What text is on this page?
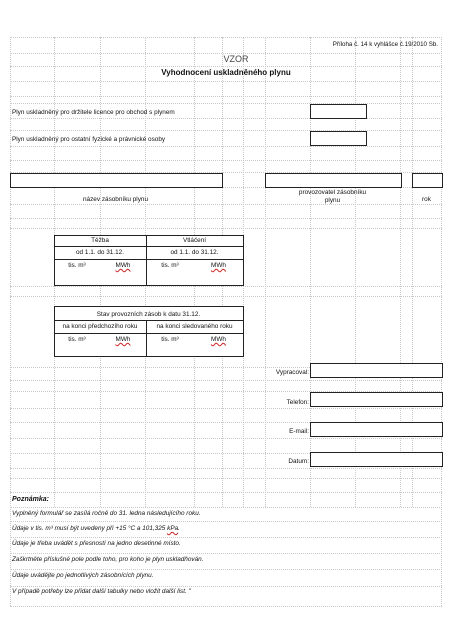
Příloha č. 14 k vyhlášce č.19/2010 Sb.
VZOR
Vyhodnocení uskladněného plynu
Plyn uskladněný pro držitele licence pro obchod s plynem
Plyn uskladněný pro ostatní fyzické a právnické osoby
název zásobníku plynu
provozovatel zásobníku
plynu	rok
Těžba	Vtláčení
od 1.1. do 31.12.	od 1.1. do 31.12.
tis. m³	MWh	tis. m³	MWh
Stav provozních zásob k datu 31.12.
na konci předchozího roku	na konci sledovaného roku
tis. m³	MWh	tis. m³	MWh
Vypracoval:
Telefon:
E-mail:
Datum:
Poznámka:
Vyplněný formulář se zasílá ročně do 31. ledna následujícího roku.
Údaje v tis. m³ musí být uvedeny při +15 °C a 101,325 kPa.
Údaje je třeba uvádět s přesností na jedno desetinné místo.
Zaškrtněte příslušné pole podle toho, pro koho je plyn uskladňován.
Údaje uvádějte po jednotlivých zásobnících plynu.
V případě potřeby lze přidat další tabulky nebo vložit další list. "
